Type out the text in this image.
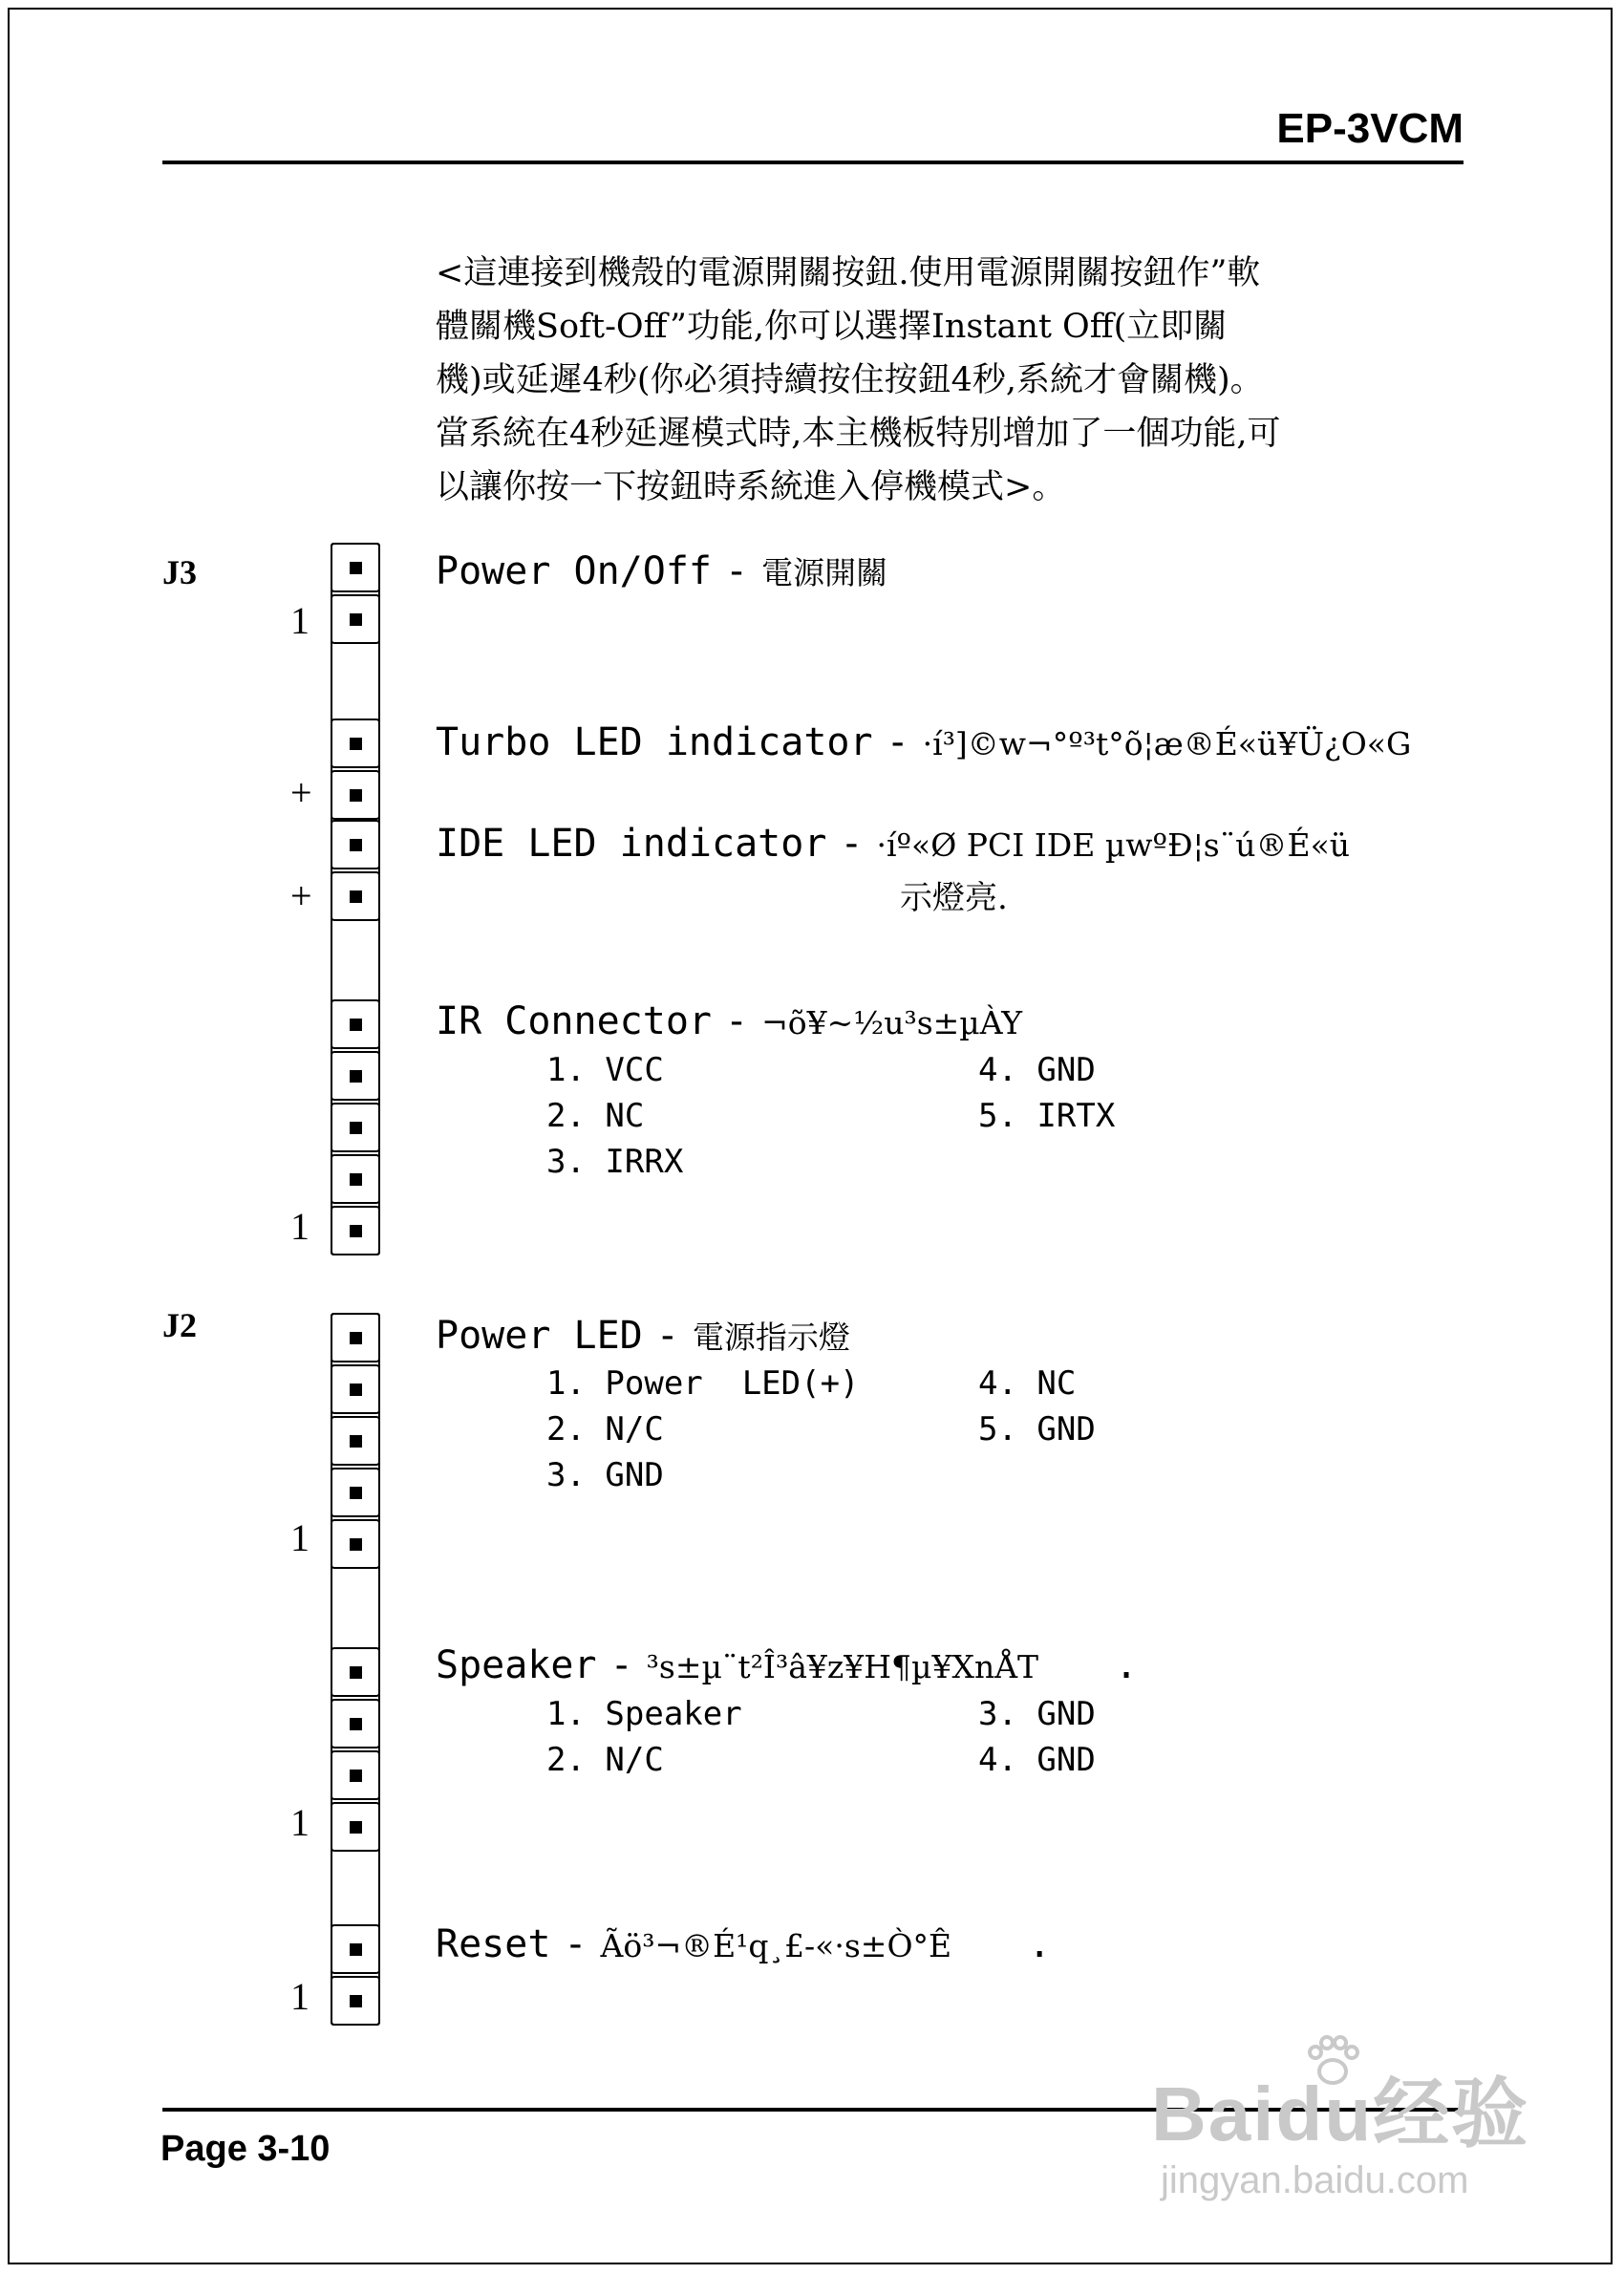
EP-3VCM
<這連接到機殼的電源開關按鈕.使用電源開關按鈕作”軟
體關機Soft-Off”功能,你可以選擇Instant Off(立即關
機)或延遲4秒(你必須持續按住按鈕4秒,系統才會關機)。
當系統在4秒延遲模式時,本主機板特別增加了一個功能,可
以讓你按一下按鈕時系統進入停機模式>。
J3
1
+
+
1
Power On/Off - 電源開關
Turbo LED indicator - ·í³]©w¬°º³t°õ¦æ®É«ü¥Ü¿O«G
IDE LED indicator - ·íº«Ø PCI IDE µwºÐ¦s¨ú®É«ü
示燈亮.
IR Connector - ¬õ¥~½u³s±µÀY
1. VCC
2. NC
3. IRRX
4. GND
5. IRTX
J2
1
1
1
Power LED - 電源指示燈
1. Power  LED(+)
2. N/C
3. GND
4. NC
5. GND
Speaker - ³s±µ¨t²Î³â¥z¥H¶µ¥XnÅT .
1. Speaker
2. N/C
3. GND
4. GND
Reset - Ãö³¬®É¹q¸£-«·s±Ò°Ê .
Page 3-10	Baidu经验
jingyan.baidu.com
